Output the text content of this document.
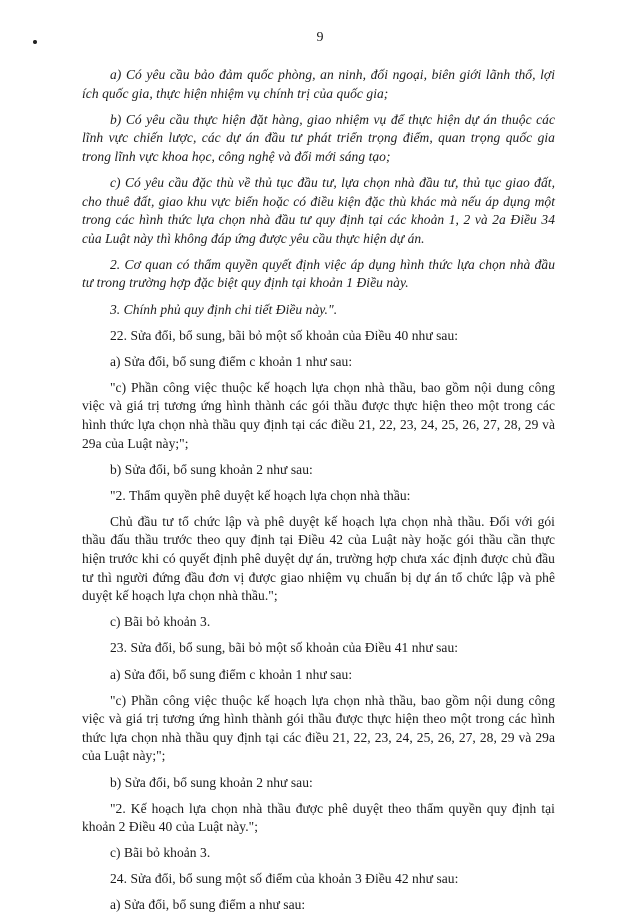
9

a) Có yêu cầu bảo đảm quốc phòng, an ninh, đối ngoại, biên giới lãnh thổ, lợi ích quốc gia, thực hiện nhiệm vụ chính trị của quốc gia;

b) Có yêu cầu thực hiện đặt hàng, giao nhiệm vụ để thực hiện dự án thuộc các lĩnh vực chiến lược, các dự án đầu tư phát triển trọng điểm, quan trọng quốc gia trong lĩnh vực khoa học, công nghệ và đổi mới sáng tạo;

c) Có yêu cầu đặc thù về thủ tục đầu tư, lựa chọn nhà đầu tư, thủ tục giao đất, cho thuê đất, giao khu vực biển hoặc có điều kiện đặc thù khác mà nếu áp dụng một trong các hình thức lựa chọn nhà đầu tư quy định tại các khoản 1, 2 và 2a Điều 34 của Luật này thì không đáp ứng được yêu cầu thực hiện dự án.

2. Cơ quan có thẩm quyền quyết định việc áp dụng hình thức lựa chọn nhà đầu tư trong trường hợp đặc biệt quy định tại khoản 1 Điều này.

3. Chính phủ quy định chi tiết Điều này.".

22. Sửa đổi, bổ sung, bãi bỏ một số khoản của Điều 40 như sau:

a) Sửa đổi, bổ sung điểm c khoản 1 như sau:

"c) Phần công việc thuộc kế hoạch lựa chọn nhà thầu, bao gồm nội dung công việc và giá trị tương ứng hình thành các gói thầu được thực hiện theo một trong các hình thức lựa chọn nhà thầu quy định tại các điều 21, 22, 23, 24, 25, 26, 27, 28, 29 và 29a của Luật này;";

b) Sửa đổi, bổ sung khoản 2 như sau:

"2. Thẩm quyền phê duyệt kế hoạch lựa chọn nhà thầu:

Chủ đầu tư tổ chức lập và phê duyệt kế hoạch lựa chọn nhà thầu. Đối với gói thầu đấu thầu trước theo quy định tại Điều 42 của Luật này hoặc gói thầu cần thực hiện trước khi có quyết định phê duyệt dự án, trường hợp chưa xác định được chủ đầu tư thì người đứng đầu đơn vị được giao nhiệm vụ chuẩn bị dự án tổ chức lập và phê duyệt kế hoạch lựa chọn nhà thầu.";

c) Bãi bỏ khoản 3.

23. Sửa đổi, bổ sung, bãi bỏ một số khoản của Điều 41 như sau:

a) Sửa đổi, bổ sung điểm c khoản 1 như sau:

"c) Phần công việc thuộc kế hoạch lựa chọn nhà thầu, bao gồm nội dung công việc và giá trị tương ứng hình thành gói thầu được thực hiện theo một trong các hình thức lựa chọn nhà thầu quy định tại các điều 21, 22, 23, 24, 25, 26, 27, 28, 29 và 29a của Luật này;";

b) Sửa đổi, bổ sung khoản 2 như sau:

"2. Kế hoạch lựa chọn nhà thầu được phê duyệt theo thẩm quyền quy định tại khoản 2 Điều 40 của Luật này.";

c) Bãi bỏ khoản 3.

24. Sửa đổi, bổ sung một số điểm của khoản 3 Điều 42 như sau:

a) Sửa đổi, bổ sung điểm a như sau:
